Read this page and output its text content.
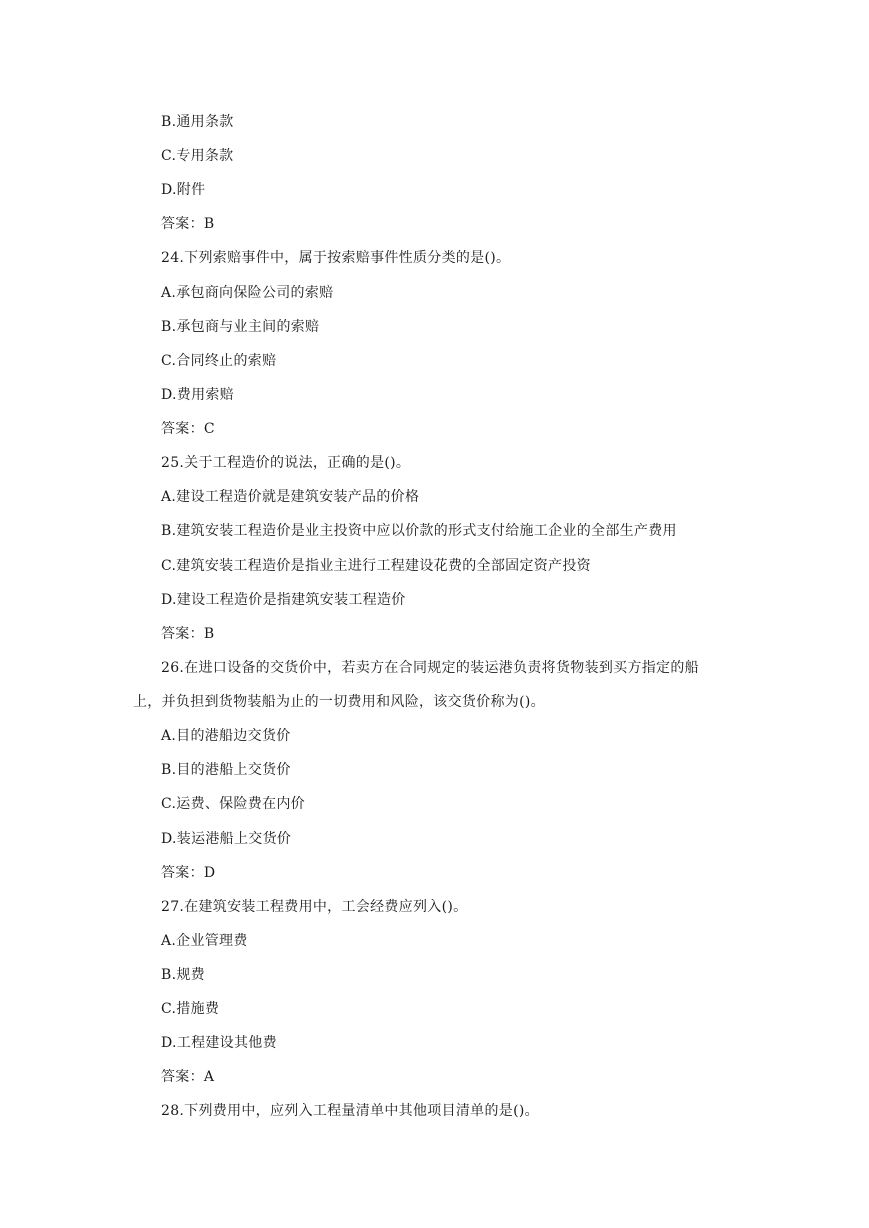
B.通用条款
C.专用条款
D.附件
答案：B
24.下列索赔事件中，属于按索赔事件性质分类的是()。
A.承包商向保险公司的索赔
B.承包商与业主间的索赔
C.合同终止的索赔
D.费用索赔
答案：C
25.关于工程造价的说法，正确的是()。
A.建设工程造价就是建筑安装产品的价格
B.建筑安装工程造价是业主投资中应以价款的形式支付给施工企业的全部生产费用
C.建筑安装工程造价是指业主进行工程建设花费的全部固定资产投资
D.建设工程造价是指建筑安装工程造价
答案：B
26.在进口设备的交货价中，若卖方在合同规定的装运港负责将货物装到买方指定的船
上，并负担到货物装船为止的一切费用和风险，该交货价称为()。
A.目的港船边交货价
B.目的港船上交货价
C.运费、保险费在内价
D.装运港船上交货价
答案：D
27.在建筑安装工程费用中，工会经费应列入()。
A.企业管理费
B.规费
C.措施费
D.工程建设其他费
答案：A
28.下列费用中，应列入工程量清单中其他项目清单的是()。
